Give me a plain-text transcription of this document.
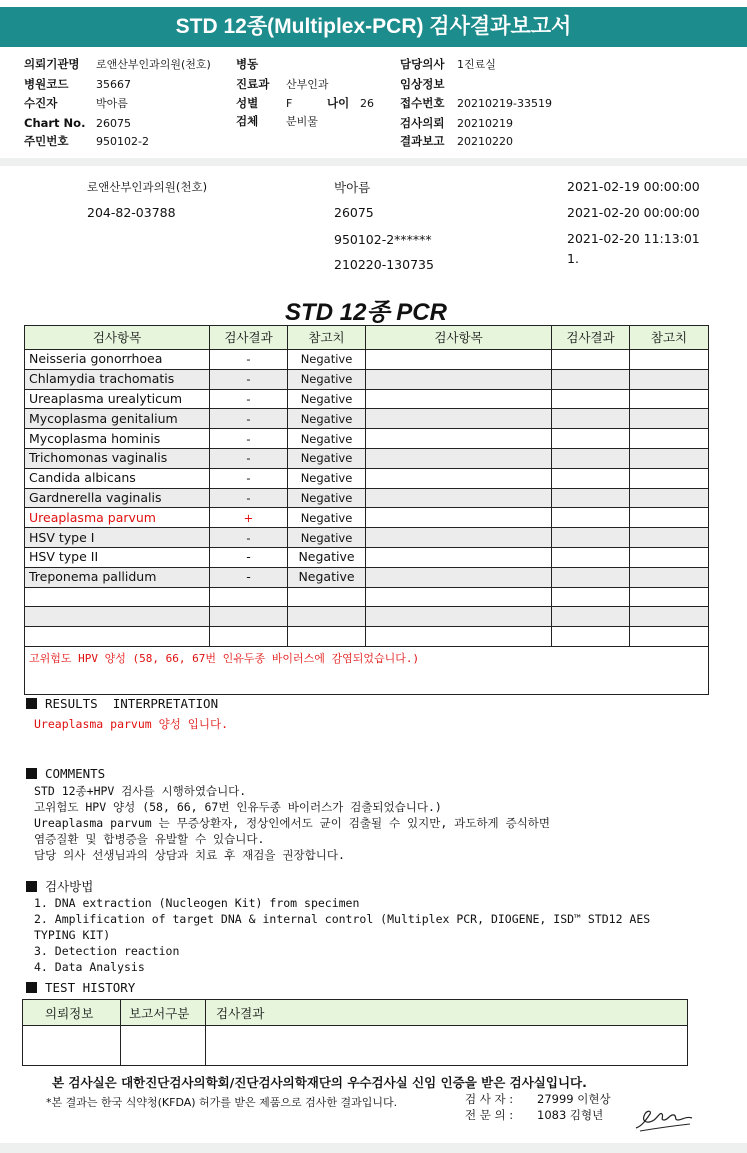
STD 12종(Multiplex-PCR) 검사결과보고서
의뢰기관명 로앤산부인과의원(천호) 병동	담당의사 1진료실
병원코드	35667	진료과 산부인과	임상정보
수진자	박아름	성별	F	나이 26 접수번호 20210219-33519
Chart No. 26075	검체	분비물	검사의뢰 20210219
주민번호	950102-2	결과보고 20210220
로앤산부인과의원(천호)
204-82-03788
박아름
26075
950102-2******
210220-130735
2021-02-19 00:00:00
2021-02-20 00:00:00
2021-02-20 11:13:01
1.
STD 12종 PCR
검사항목	검사결과	참고치	검사항목	검사결과	참고치
Neisseria gonorrhoea	-	Negative			
Chlamydia trachomatis	-	Negative			
Ureaplasma urealyticum	-	Negative			
Mycoplasma genitalium	-	Negative			
Mycoplasma hominis	-	Negative			
Trichomonas vaginalis	-	Negative			
Candida albicans	-	Negative			
Gardnerella vaginalis	-	Negative			
Ureaplasma parvum	+	Negative			
HSV type I	-	Negative			
HSV type II	-	Negative			
Treponema pallidum	-	Negative			

고위험도 HPV 양성 (58, 66, 67번 인유두종 바이러스에 감염되었습니다.)					
RESULTS  INTERPRETATION
Ureaplasma parvum 양성 입니다.
COMMENTS
STD 12종+HPV 검사를 시행하였습니다.
고위험도 HPV 양성 (58, 66, 67번 인유두종 바이러스가 검출되었습니다.)
Ureaplasma parvum 는 무증상환자, 정상인에서도 균이 검출될 수 있지만, 과도하게 증식하면
염증질환 및 합병증을 유발할 수 있습니다.
담당 의사 선생님과의 상담과 치료 후 재검을 권장합니다.
검사방법
1. DNA extraction (Nucleogen Kit) from specimen
2. Amplification of target DNA & internal control (Multiplex PCR, DIOGENE, ISD™ STD12 AES
TYPING KIT)
3. Detection reaction
4. Data Analysis
TEST HISTORY
의뢰정보	보고서구분	검사결과

본 검사실은 대한진단검사의학회/진단검사의학재단의 우수검사실 신임 인증을 받은 검사실입니다.
*본 결과는 한국 식약청(KFDA) 허가를 받은 제품으로 검사한 결과입니다.	검 사 자 : 27999 이현상
전 문 의 : 1083 김형년
